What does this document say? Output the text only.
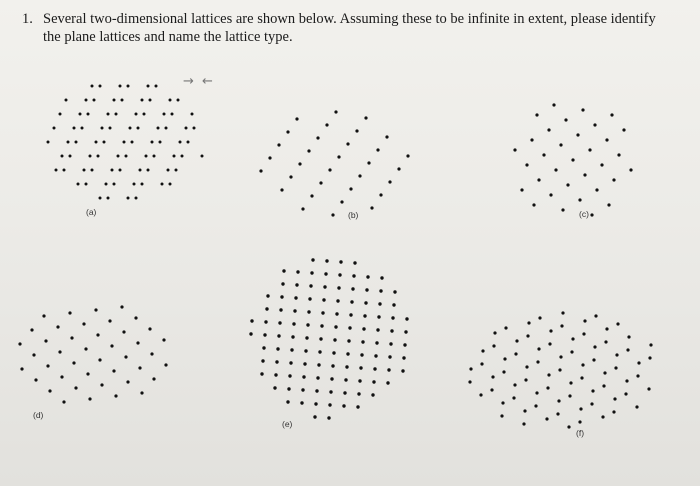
1. Several two-dimensional lattices are shown below. Assuming these to be infinite in extent, please identify the plane lattices and name the lattice type.
→ ←
(a)	(b)	(c)
(d)
(e)
(f)
